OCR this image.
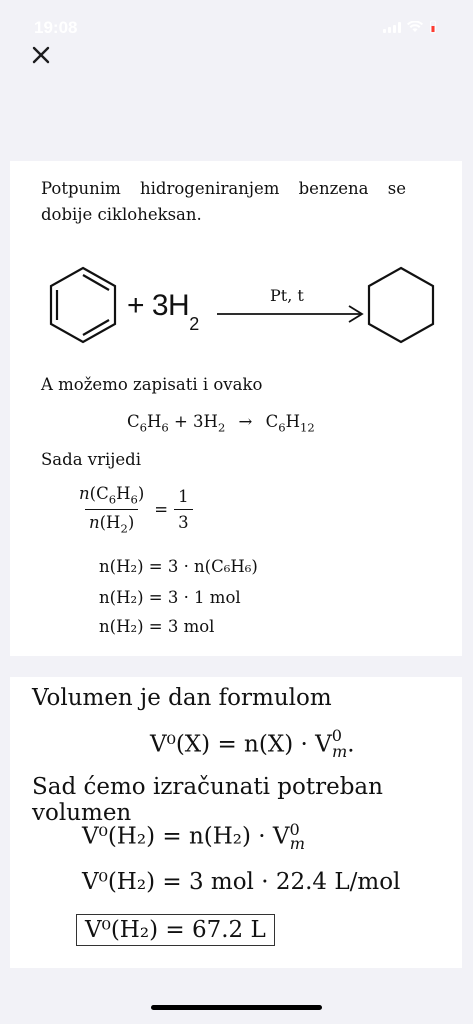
19:08
Potpunim hidrogeniranjem benzena se
dobije cikloheksan.
+ $3H_2$
Pt, t
A možemo zapisati i ovako
$C_6H_6 + 3H_2 \to C_6H_{12}$
Sada vrijedi
$\frac{n(C_6H_6)}{n(H_2)} = \frac{1}{3}$
n(H₂) = 3 · n(C₆H₆)
n(H₂) = 3 · 1 mol
n(H₂) = 3 mol
Volumen je dan formulom
$V^0(X) = n(X) \cdot V^0_m$.
Sad ćemo izračunati potreban volumen
$V^0(H_2) = n(H_2) \cdot V^0_m$
V⁰(H₂) = 3 mol · 22.4 L/mol
V⁰(H₂) = 67.2 L
